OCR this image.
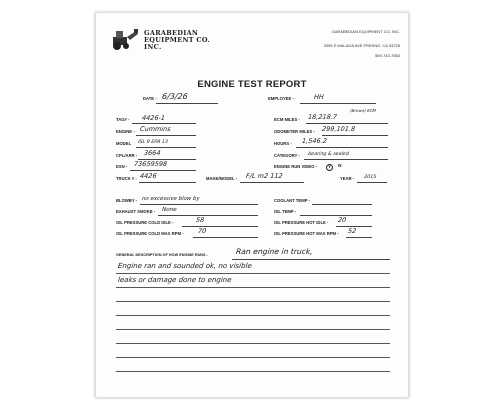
GARABEDIAN
EQUIPMENT CO. INC.
GARABEDIAN EQUIPMENT CO. INC.
3395 E MALAGA AVE FRESNO, CA 93725
559-743-7563
ENGINE TEST REPORT
DATE - 6/3/26	EMPLOYEE -	HH
TAG# - 4426-1
ENGINE - Cummins
MODEL ISL 9 EPA 13
CPL/ARR - 3664
ESN - 73659598
TRUCK # - 4426	MAKE/MODEL - F/L m2 112	YEAR - 2015
ECM MILES - 18,218.7
(Brown) ECM
ODOMETER MILES - 299,101.8
HOURS - 1,546.2
CATEGORY - bearing & sealed
ENGINE RUN VIDEO -	Y	N
BLOWBY - no excessive blow by
EXHAUST SMOKE - None
OIL PRESSURE COLD IDLE -	58
OIL PRESSURE COLD MAX RPM - 70
COOLANT TEMP -
OIL TEMP -
OIL PRESSURE HOT IDLE - 20
OIL PRESSURE HOT MAX RPM - 52
GENERAL DESCRIPTION OF HOW ENGINE RUNS -	Ran engine in truck,
Engine ran and sounded ok, no visible
leaks or damage done to engine
